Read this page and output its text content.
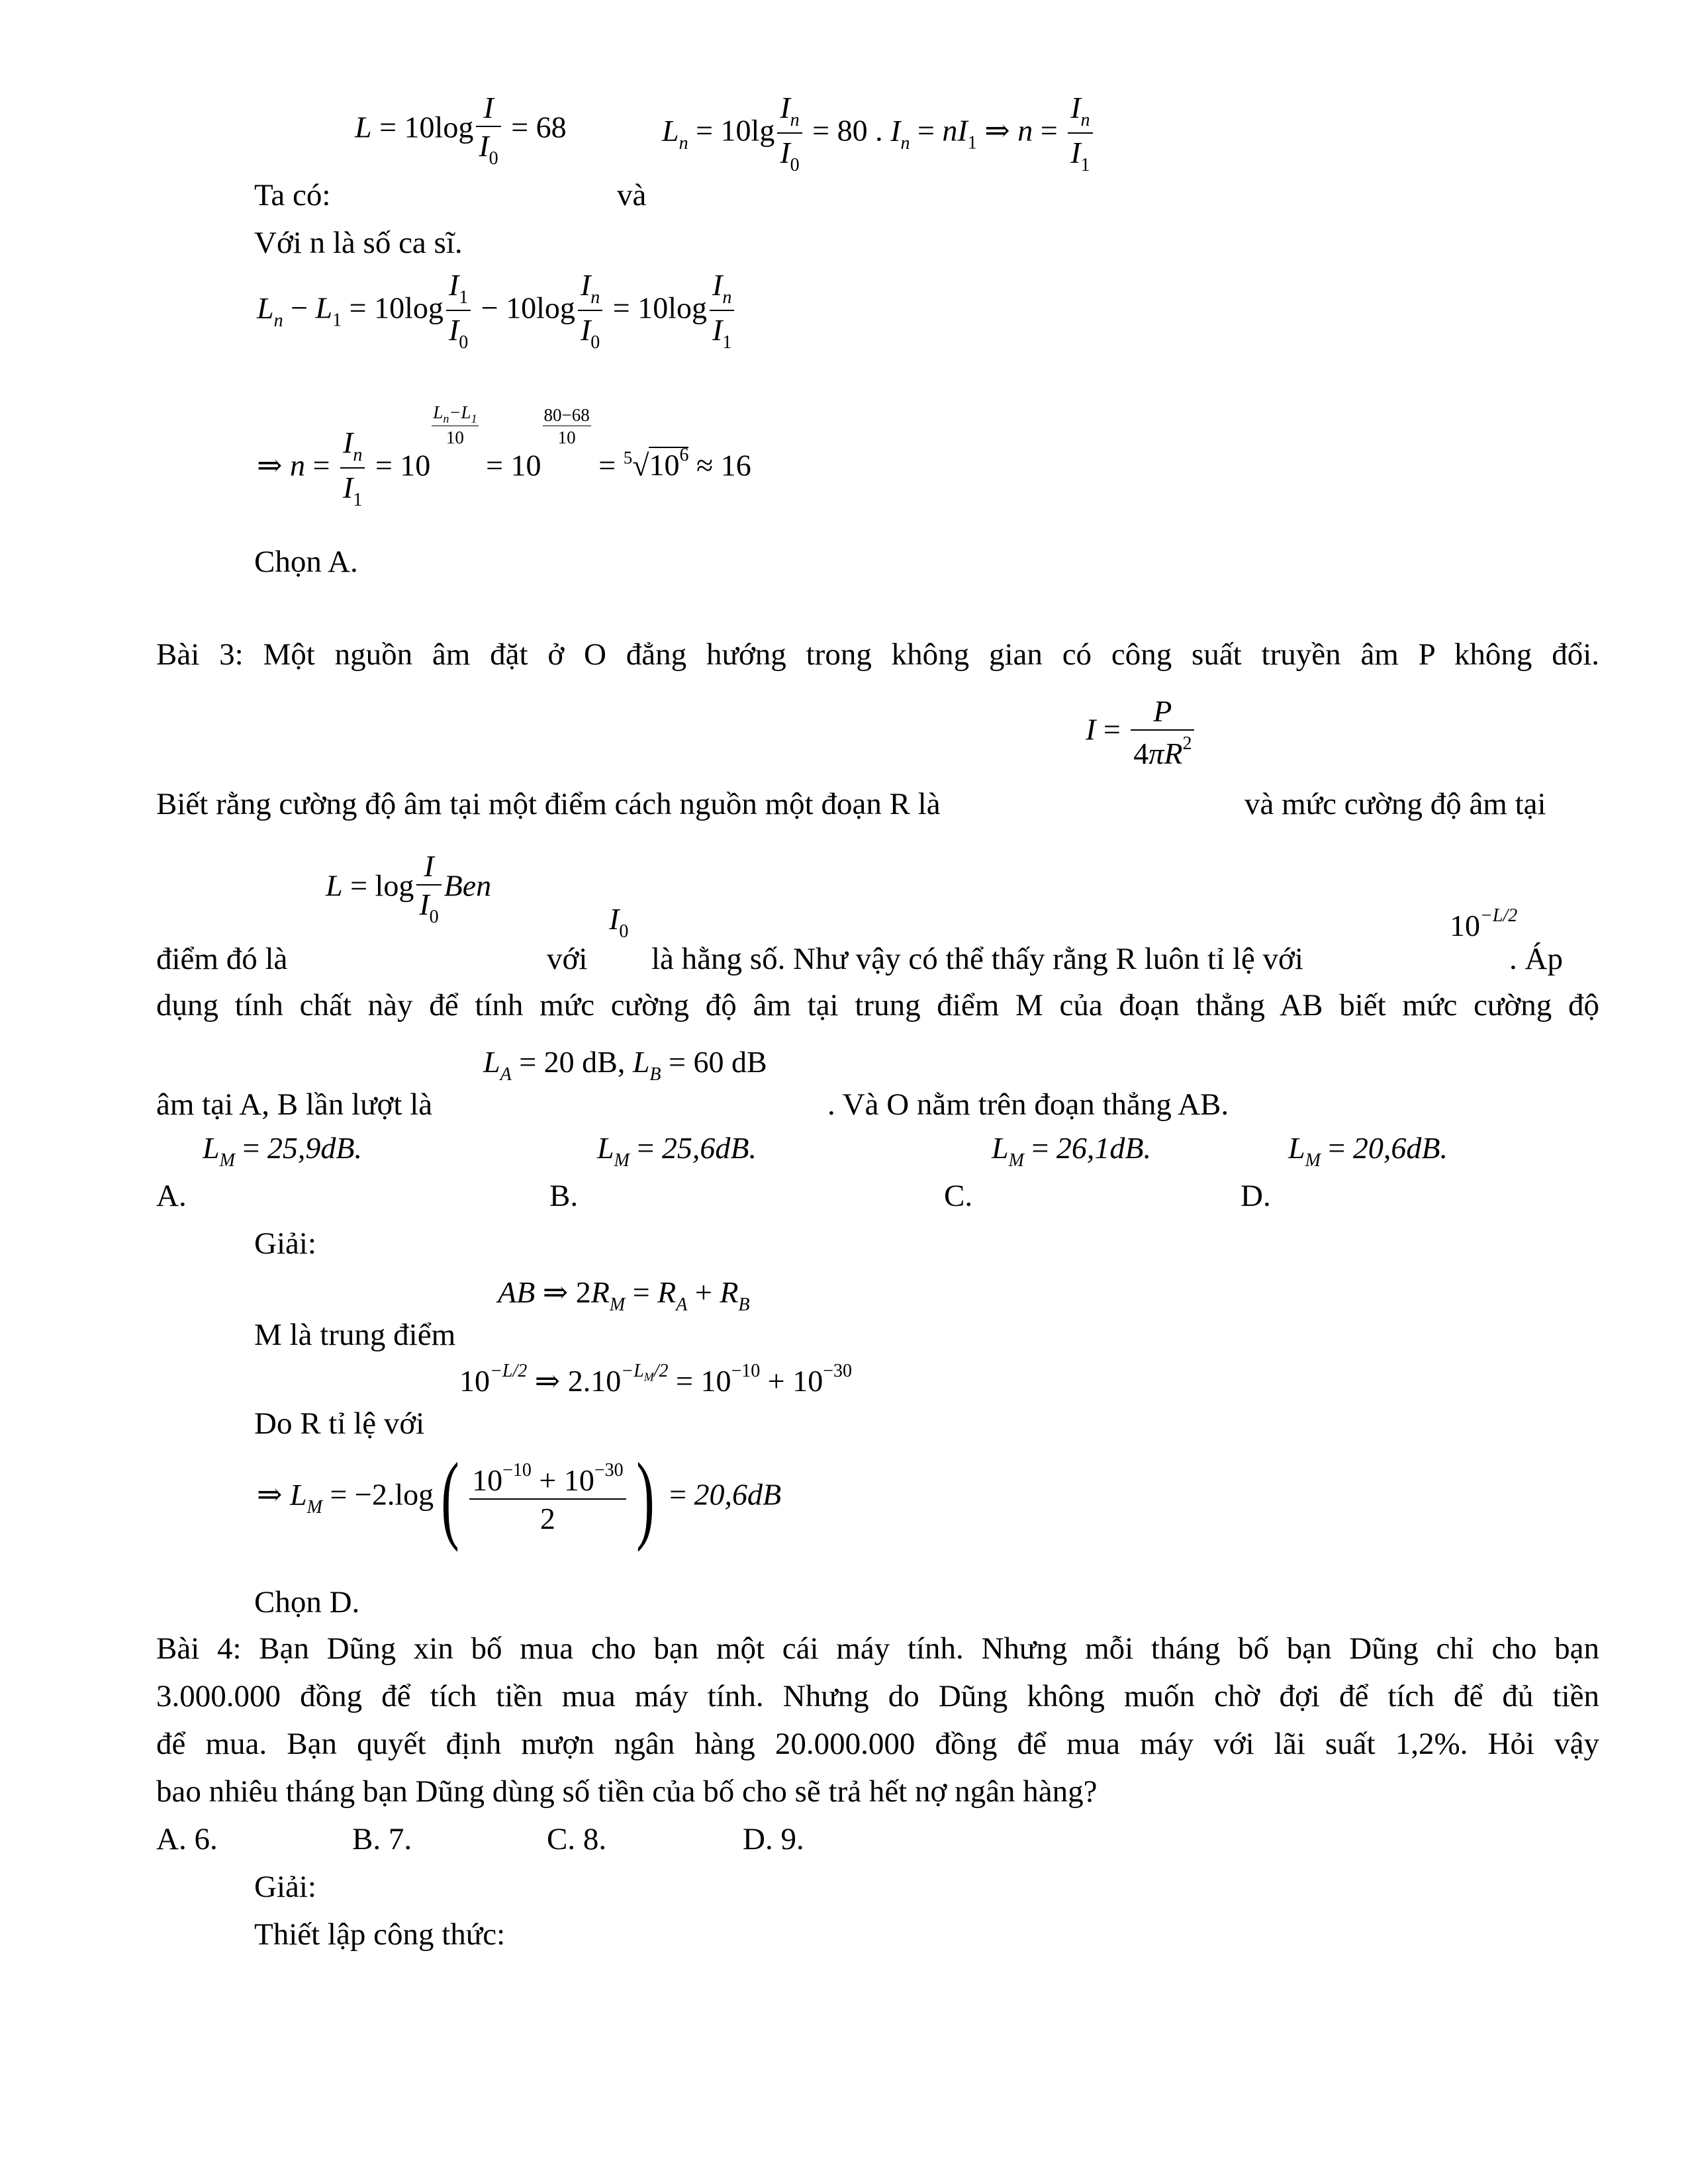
$L = 10\log \frac{I}{I_0} = 68$	$L_n = 10\lg \frac{I_n}{I_0} = 80$ . $I_n = nI_1$ ⇒ $n = \frac{I_n}{I_1}$
Ta có:	và
Với n là số ca sĩ.
$L_n - L_1 = 10\log \frac{I_1}{I_0} - 10\log \frac{I_n}{I_0} = 10\log \frac{I_n}{I_1}$
⇒ $n = \frac{I_n}{I_1} = 10$
$\frac{L_n-L_1}{10}$
= 10
$\frac{80-68}{10}$
= $^5√10^6 \approx 16$
Chọn A.
Bài 3: Một nguồn âm đặt ở O đẳng hướng trong không gian có công suất truyền âm P không đổi.
$I = \frac{P}{4\pi R^2}$
Biết rằng cường độ âm tại một điểm cách nguồn một đoạn R là	và mức cường độ âm tại
$L = \log \frac{I}{I_0}$ Ben
$I_0$	$10^{-L/2}$
điểm đó là	với là hằng số. Như vậy có thể thấy rằng R luôn tỉ lệ với	. Áp
dụng tính chất này để tính mức cường độ âm tại trung điểm M của đoạn thẳng AB biết mức cường độ
$L_A = 20$ dB, $L_B = 60$ dB
âm tại A, B lần lượt là	. Và O nằm trên đoạn thẳng AB.
$L_M = 25,9dB$.	$L_M = 25,6dB$.	$L_M = 26,1dB$.	$L_M = 20,6dB$.
A.	B.	C.	D.
Giải:
AB ⇒ $2R_M = R_A + R_B$
M là trung điểm
$10^{-L/2}$ ⇒ $2.10^{-L_M/2} = 10^{-10} + 10^{-30}$
Do R tỉ lệ với
⇒ $L_M = -2.\log( \frac{10^{-10} + 10^{-30}}{2}$ ) = 20,6dB
Chọn D.
Bài 4: Bạn Dũng xin bố mua cho bạn một cái máy tính. Nhưng mỗi tháng bố bạn Dũng chỉ cho bạn
3.000.000 đồng để tích tiền mua máy tính. Nhưng do Dũng không muốn chờ đợi để tích để đủ tiền
để mua. Bạn quyết định mượn ngân hàng 20.000.000 đồng để mua máy với lãi suất 1,2%. Hỏi vậy
bao nhiêu tháng bạn Dũng dùng số tiền của bố cho sẽ trả hết nợ ngân hàng?
A. 6.	B. 7.	C. 8.	D. 9.
Giải:
Thiết lập công thức:
